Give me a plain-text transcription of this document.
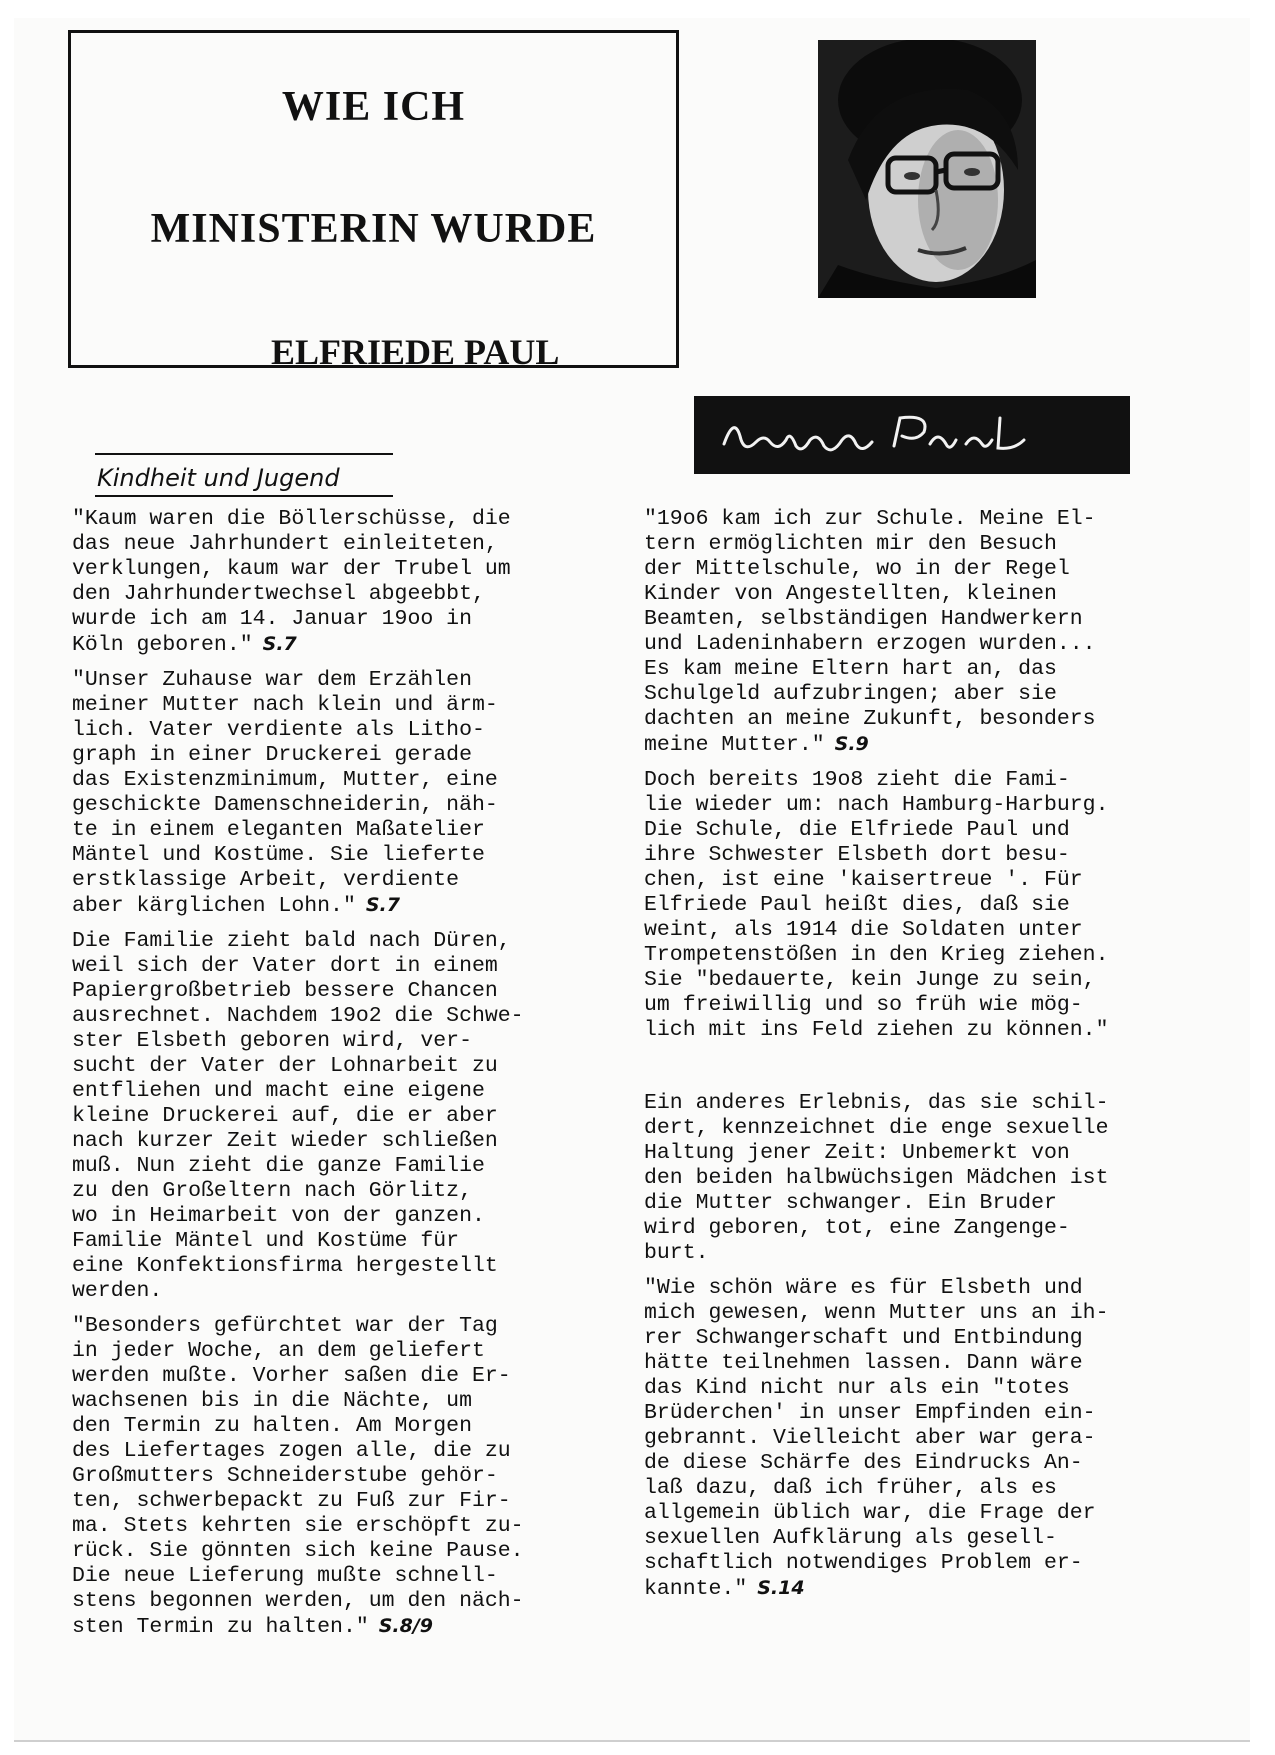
WIE ICH
MINISTERIN WURDE
ELFRIEDE PAUL
Kindheit und Jugend

"Kaum waren die Böllerschüsse, die
das neue Jahrhundert einleiteten,
verklungen, kaum war der Trubel um
den Jahrhundertwechsel abgeebbt,
wurde ich am 14. Januar 19oo in
Köln geboren." S.7

"Unser Zuhause war dem Erzählen
meiner Mutter nach klein und ärm-
lich. Vater verdiente als Litho-
graph in einer Druckerei gerade
das Existenzminimum, Mutter, eine
geschickte Damenschneiderin, näh-
te in einem eleganten Maßatelier
Mäntel und Kostüme. Sie lieferte
erstklassige Arbeit, verdiente
aber kärglichen Lohn." S.7

Die Familie zieht bald nach Düren,
weil sich der Vater dort in einem
Papiergroßbetrieb bessere Chancen
ausrechnet. Nachdem 19o2 die Schwe-
ster Elsbeth geboren wird, ver-
sucht der Vater der Lohnarbeit zu
entfliehen und macht eine eigene
kleine Druckerei auf, die er aber
nach kurzer Zeit wieder schließen
muß. Nun zieht die ganze Familie
zu den Großeltern nach Görlitz,
wo in Heimarbeit von der ganzen.
Familie Mäntel und Kostüme für
eine Konfektionsfirma hergestellt
werden.

"Besonders gefürchtet war der Tag
in jeder Woche, an dem geliefert
werden mußte. Vorher saßen die Er-
wachsenen bis in die Nächte, um
den Termin zu halten. Am Morgen
des Liefertages zogen alle, die zu
Großmutters Schneiderstube gehör-
ten, schwerbepackt zu Fuß zur Fir-
ma. Stets kehrten sie erschöpft zu-
rück. Sie gönnten sich keine Pause.
Die neue Lieferung mußte schnell-
stens begonnen werden, um den näch-
sten Termin zu halten." S.8/9

"19o6 kam ich zur Schule. Meine El-
tern ermöglichten mir den Besuch
der Mittelschule, wo in der Regel
Kinder von Angestellten, kleinen
Beamten, selbständigen Handwerkern
und Ladeninhabern erzogen wurden...
Es kam meine Eltern hart an, das
Schulgeld aufzubringen; aber sie
dachten an meine Zukunft, besonders
meine Mutter." S.9

Doch bereits 19o8 zieht die Fami-
lie wieder um: nach Hamburg-Harburg.
Die Schule, die Elfriede Paul und
ihre Schwester Elsbeth dort besu-
chen, ist eine 'kaisertreue '. Für
Elfriede Paul heißt dies, daß sie
weint, als 1914 die Soldaten unter
Trompetenstößen in den Krieg ziehen.
Sie "bedauerte, kein Junge zu sein,
um freiwillig und so früh wie mög-
lich mit ins Feld ziehen zu können."

Ein anderes Erlebnis, das sie schil-
dert, kennzeichnet die enge sexuelle
Haltung jener Zeit: Unbemerkt von
den beiden halbwüchsigen Mädchen ist
die Mutter schwanger. Ein Bruder
wird geboren, tot, eine Zangenge-
burt.

"Wie schön wäre es für Elsbeth und
mich gewesen, wenn Mutter uns an ih-
rer Schwangerschaft und Entbindung
hätte teilnehmen lassen. Dann wäre
das Kind nicht nur als ein "totes
Brüderchen' in unser Empfinden ein-
gebrannt. Vielleicht aber war gera-
de diese Schärfe des Eindrucks An-
laß dazu, daß ich früher, als es
allgemein üblich war, die Frage der
sexuellen Aufklärung als gesell-
schaftlich notwendiges Problem er-
kannte." S.14
